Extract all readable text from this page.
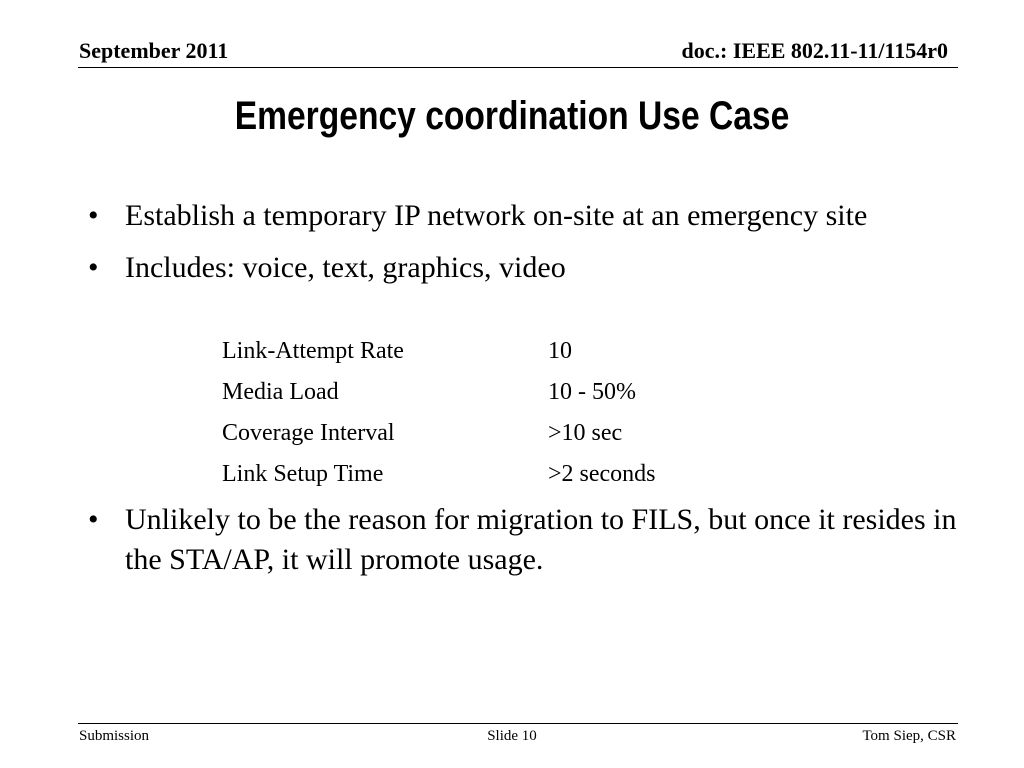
September 2011	doc.: IEEE 802.11-11/1154r0
Emergency coordination Use Case
• Establish a temporary IP network on-site at an emergency site
• Includes: voice, text, graphics, video
Link-Attempt Rate	10
Media Load	10 - 50%
Coverage Interval	>10 sec
Link Setup Time	>2 seconds
• Unlikely to be the reason for migration to FILS, but once it resides in the STA/AP, it will promote usage.
Submission	Slide 10	Tom Siep, CSR
